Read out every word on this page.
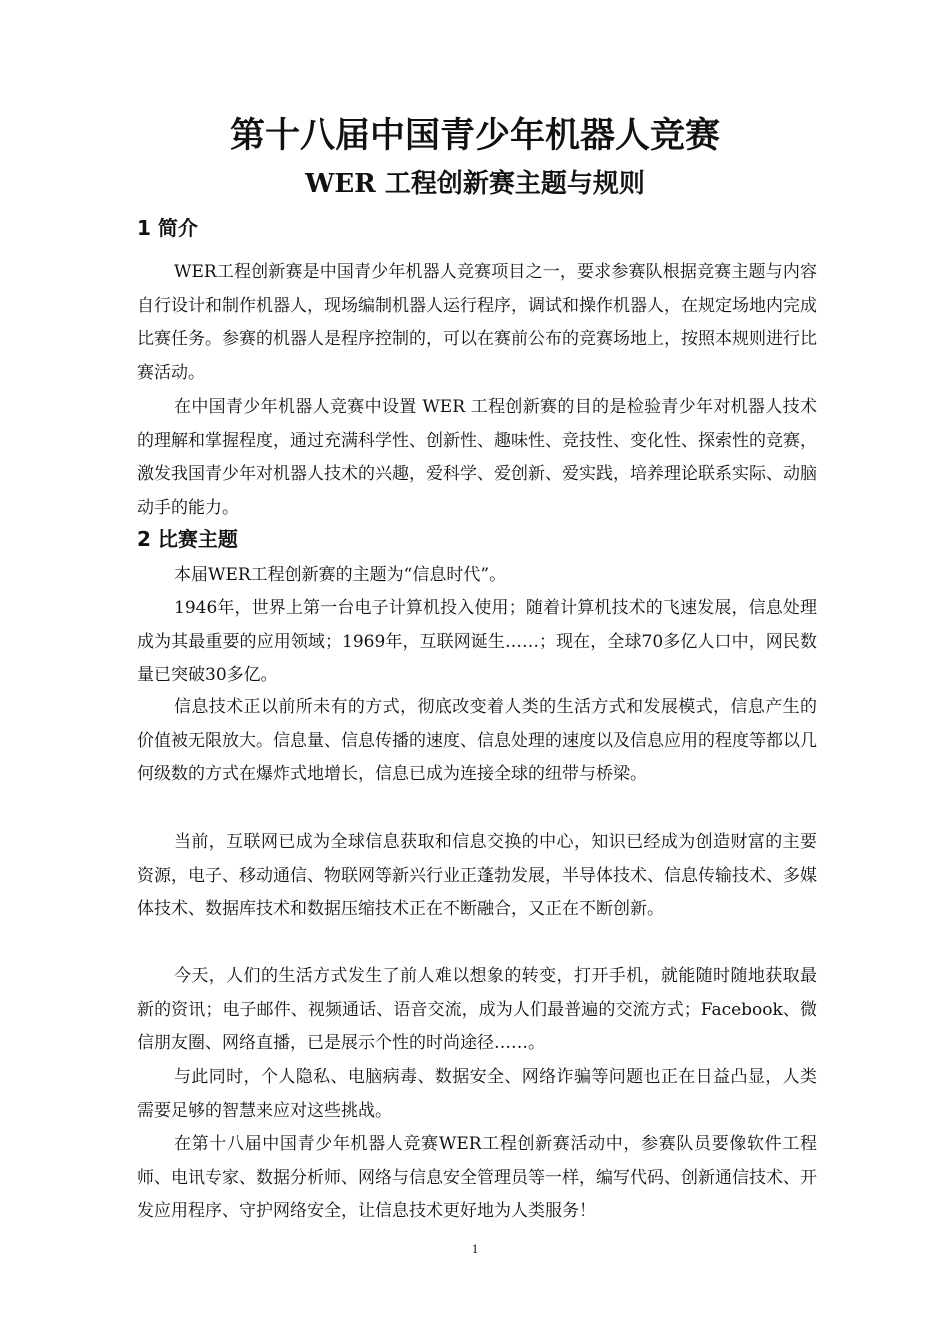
第十八届中国青少年机器人竞赛
WER 工程创新赛主题与规则
1 简介

WER工程创新赛是中国青少年机器人竞赛项目之一，要求参赛队根据竞赛主题与内容自行设计和制作机器人，现场编制机器人运行程序，调试和操作机器人，在规定场地内完成比赛任务。参赛的机器人是程序控制的，可以在赛前公布的竞赛场地上，按照本规则进行比赛活动。

在中国青少年机器人竞赛中设置 WER 工程创新赛的目的是检验青少年对机器人技术的理解和掌握程度，通过充满科学性、创新性、趣味性、竞技性、变化性、探索性的竞赛，激发我国青少年对机器人技术的兴趣，爱科学、爱创新、爱实践，培养理论联系实际、动脑动手的能力。

2 比赛主题

本届WER工程创新赛的主题为“信息时代”。

1946年，世界上第一台电子计算机投入使用；随着计算机技术的飞速发展，信息处理成为其最重要的应用领域；1969年，互联网诞生……；现在，全球70多亿人口中，网民数量已突破30多亿。

信息技术正以前所未有的方式，彻底改变着人类的生活方式和发展模式，信息产生的价值被无限放大。信息量、信息传播的速度、信息处理的速度以及信息应用的程度等都以几何级数的方式在爆炸式地增长，信息已成为连接全球的纽带与桥梁。

当前，互联网已成为全球信息获取和信息交换的中心，知识已经成为创造财富的主要资源，电子、移动通信、物联网等新兴行业正蓬勃发展，半导体技术、信息传输技术、多媒体技术、数据库技术和数据压缩技术正在不断融合，又正在不断创新。

今天，人们的生活方式发生了前人难以想象的转变，打开手机，就能随时随地获取最新的资讯；电子邮件、视频通话、语音交流，成为人们最普遍的交流方式；Facebook、微信朋友圈、网络直播，已是展示个性的时尚途径……。

与此同时，个人隐私、电脑病毒、数据安全、网络诈骗等问题也正在日益凸显，人类需要足够的智慧来应对这些挑战。

在第十八届中国青少年机器人竞赛WER工程创新赛活动中，参赛队员要像软件工程师、电讯专家、数据分析师、网络与信息安全管理员等一样，编写代码、创新通信技术、开发应用程序、守护网络安全，让信息技术更好地为人类服务！

1
